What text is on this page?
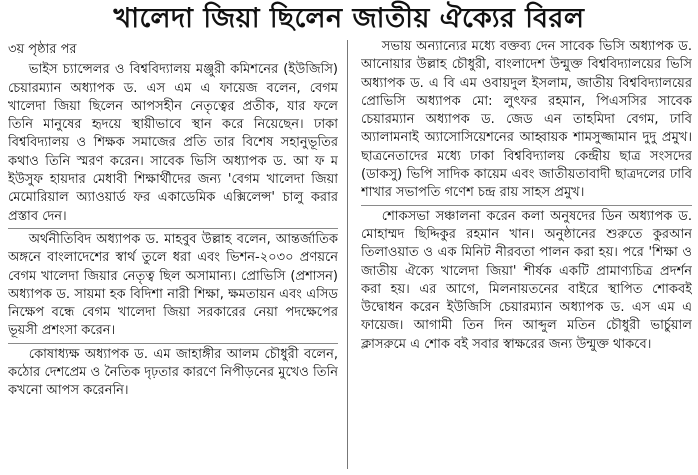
খালেদা জিয়া ছিলেন জাতীয় ঐক্যের বিরল
৩য় পৃষ্ঠার পর

ভাইস চ্যান্সেলর ও বিশ্ববিদ্যালয় মঞ্জুরী কমিশনের (ইউজিসি) চেয়ারম্যান অধ্যাপক ড. এস এম এ ফায়েজ বলেন, বেগম খালেদা জিয়া ছিলেন আপসহীন নেতৃত্বের প্রতীক, যার ফলে তিনি মানুষের হৃদয়ে স্থায়ীভাবে স্থান করে নিয়েছেন। ঢাকা বিশ্ববিদ্যালয় ও শিক্ষক সমাজের প্রতি তার বিশেষ সহানুভূতির কথাও তিনি স্মরণ করেন। সাবেক ভিসি অধ্যাপক ড. আ ফ ম ইউসুফ হায়দার মেধাবী শিক্ষার্থীদের জন্য 'বেগম খালেদা জিয়া মেমোরিয়াল অ্যাওয়ার্ড ফর একাডেমিক এক্সিলেন্স' চালু করার প্রস্তাব দেন।

অর্থনীতিবিদ অধ্যাপক ড. মাহবুব উল্লাহ বলেন, আন্তর্জাতিক অঙ্গনে বাংলাদেশের স্বার্থ তুলে ধরা এবং ভিশন-২০৩০ প্রণয়নে বেগম খালেদা জিয়ার নেতৃত্ব ছিল অসামান্য। প্রোভিসি (প্রশাসন) অধ্যাপক ড. সায়মা হক বিদিশা নারী শিক্ষা, ক্ষমতায়ন এবং এসিড নিক্ষেপ বন্ধে বেগম খালেদা জিয়া সরকারের নেয়া পদক্ষেপের ভূয়সী প্রশংসা করেন।

কোষাধ্যক্ষ অধ্যাপক ড. এম জাহাঙ্গীর আলম চৌধুরী বলেন, কঠোর দেশপ্রেম ও নৈতিক দৃঢ়তার কারণে নিপীড়নের মুখেও তিনি কখনো আপস করেননি।

সভায় অন্যান্যের মধ্যে বক্তব্য দেন সাবেক ভিসি অধ্যাপক ড. আনোয়ার উল্লাহ চৌধুরী, বাংলাদেশ উন্মুক্ত বিশ্ববিদ্যালয়ের ভিসি অধ্যাপক ড. এ বি এম ওবায়দুল ইসলাম, জাতীয় বিশ্ববিদ্যালয়ের প্রোভিসি অধ্যাপক মো: লুৎফর রহমান, পিএসসির সাবেক চেয়ারম্যান অধ্যাপক ড. জেড এন তাহমিদা বেগম, ঢাবি অ্যালামনাই অ্যাসোসিয়েশনের আহ্বায়ক শামসুজ্জামান দুদু প্রমুখ। ছাত্রনেতাদের মধ্যে ঢাকা বিশ্ববিদ্যালয় কেন্দ্রীয় ছাত্র সংসদের (ডাকসু) ভিপি সাদিক কায়েম এবং জাতীয়তাবাদী ছাত্রদলের ঢাবি শাখার সভাপতি গণেশ চন্দ্র রায় সাহস প্রমুখ।

শোকসভা সঞ্চালনা করেন কলা অনুষদের ডিন অধ্যাপক ড. মোহাম্মদ ছিদ্দিকুর রহমান খান। অনুষ্ঠানের শুরুতে কুরআন তিলাওয়াত ও এক মিনিট নীরবতা পালন করা হয়। পরে 'শিক্ষা ও জাতীয় ঐক্যে খালেদা জিয়া' শীর্ষক একটি প্রামাণ্যচিত্র প্রদর্শন করা হয়। এর আগে, মিলনায়তনের বাইরে স্থাপিত শোকবই উদ্বোধন করেন ইউজিসি চেয়ারম্যান অধ্যাপক ড. এস এম এ ফায়েজ। আগামী তিন দিন আব্দুল মতিন চৌধুরী ভার্চুয়াল ক্লাসরুমে এ শোক বই সবার স্বাক্ষরের জন্য উন্মুক্ত থাকবে।
